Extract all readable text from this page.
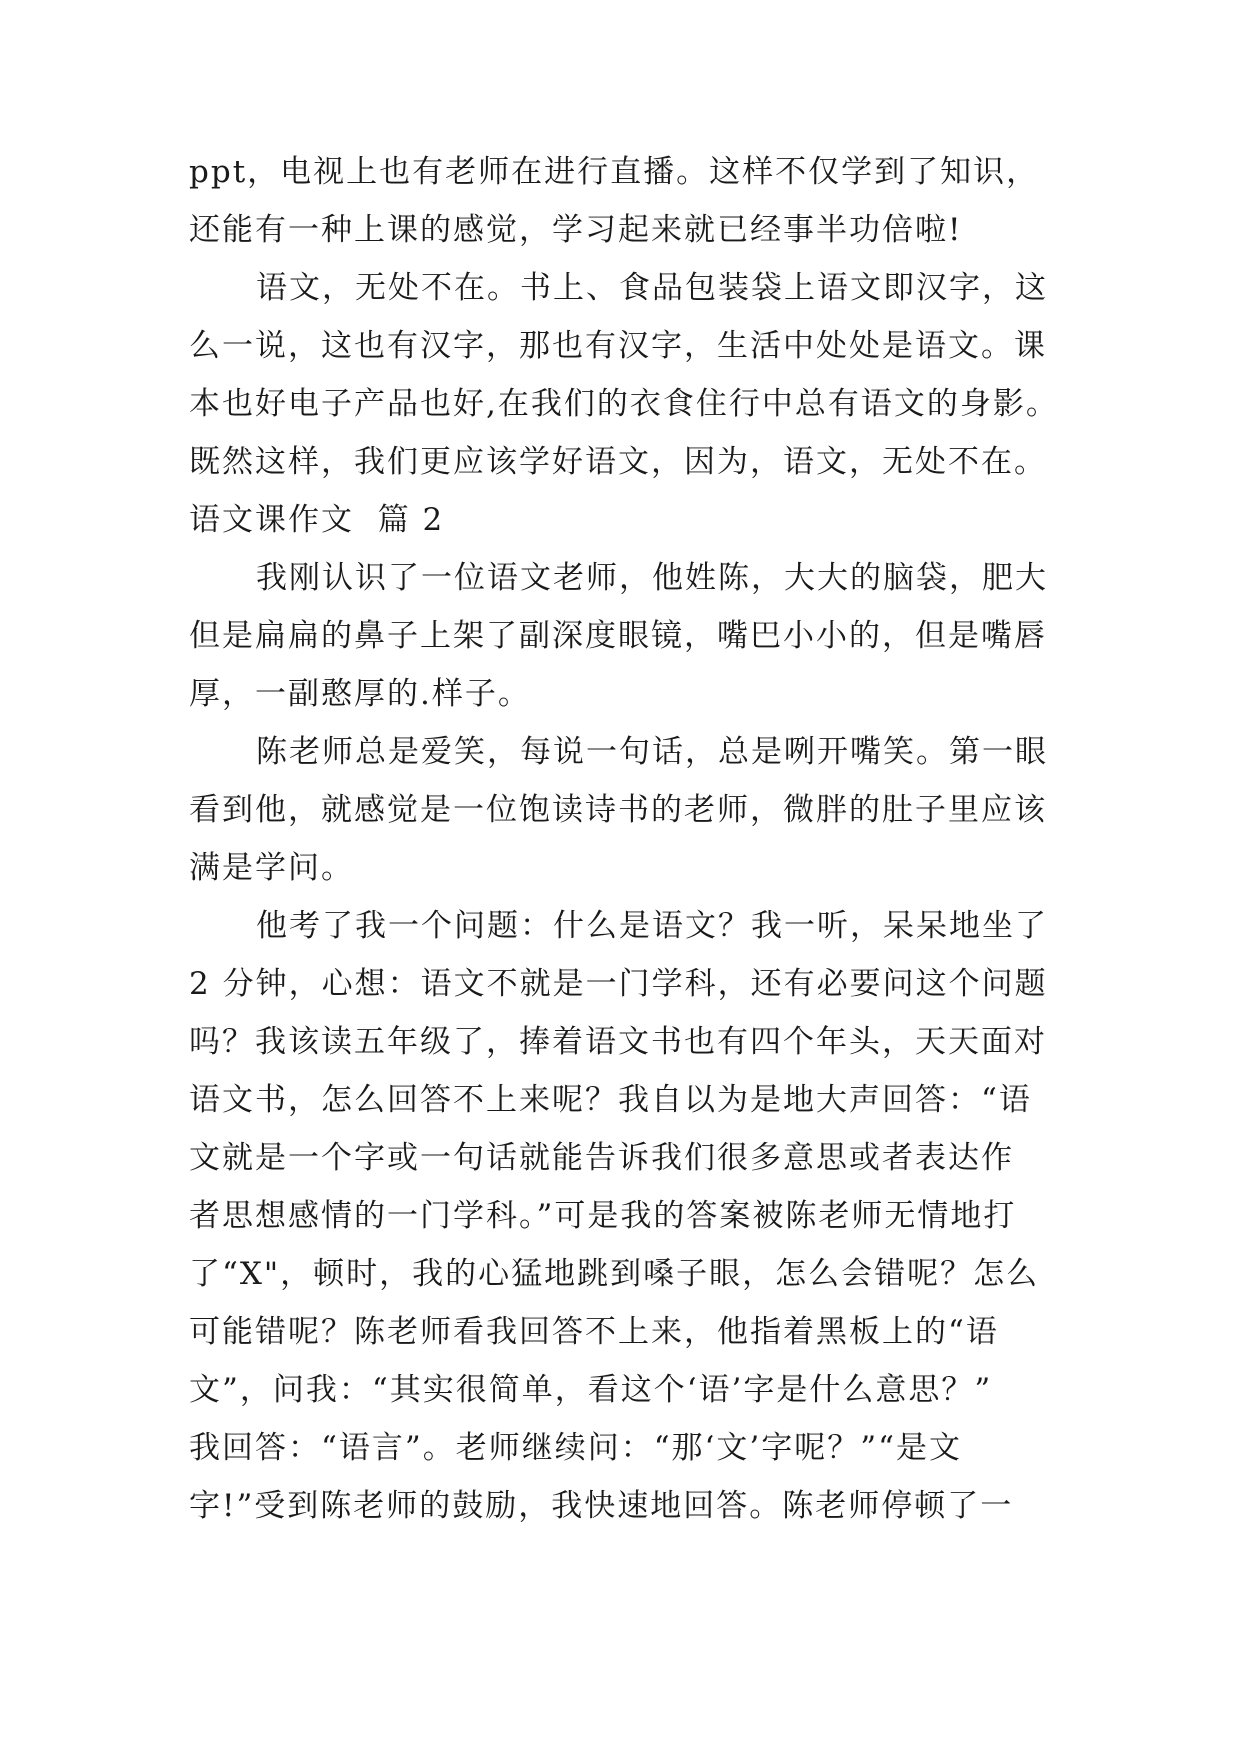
ppt，电视上也有老师在进行直播。这样不仅学到了知识，
还能有一种上课的感觉，学习起来就已经事半功倍啦!
语文，无处不在。书上、食品包装袋上语文即汉字，这
么一说，这也有汉字，那也有汉字，生活中处处是语文。课
本也好电子产品也好,在我们的衣食住行中总有语文的身影。
既然这样，我们更应该学好语文，因为，语文，无处不在。
语文课作文  篇 2
我刚认识了一位语文老师，他姓陈，大大的脑袋，肥大
但是扁扁的鼻子上架了副深度眼镜，嘴巴小小的，但是嘴唇
厚，一副憨厚的.样子。
陈老师总是爱笑，每说一句话，总是咧开嘴笑。第一眼
看到他，就感觉是一位饱读诗书的老师，微胖的肚子里应该
满是学问。
他考了我一个问题：什么是语文？我一听，呆呆地坐了
2 分钟，心想：语文不就是一门学科，还有必要问这个问题
吗？我该读五年级了，捧着语文书也有四个年头，天天面对
语文书，怎么回答不上来呢？我自以为是地大声回答：“语
文就是一个字或一句话就能告诉我们很多意思或者表达作
者思想感情的一门学科。”可是我的答案被陈老师无情地打
了“X"，顿时，我的心猛地跳到嗓子眼，怎么会错呢？怎么
可能错呢？陈老师看我回答不上来，他指着黑板上的“语
文”，问我：“其实很简单，看这个‘语’字是什么意思？”
我回答：“语言”。老师继续问：“那‘文’字呢？”“是文
字!”受到陈老师的鼓励，我快速地回答。陈老师停顿了一
